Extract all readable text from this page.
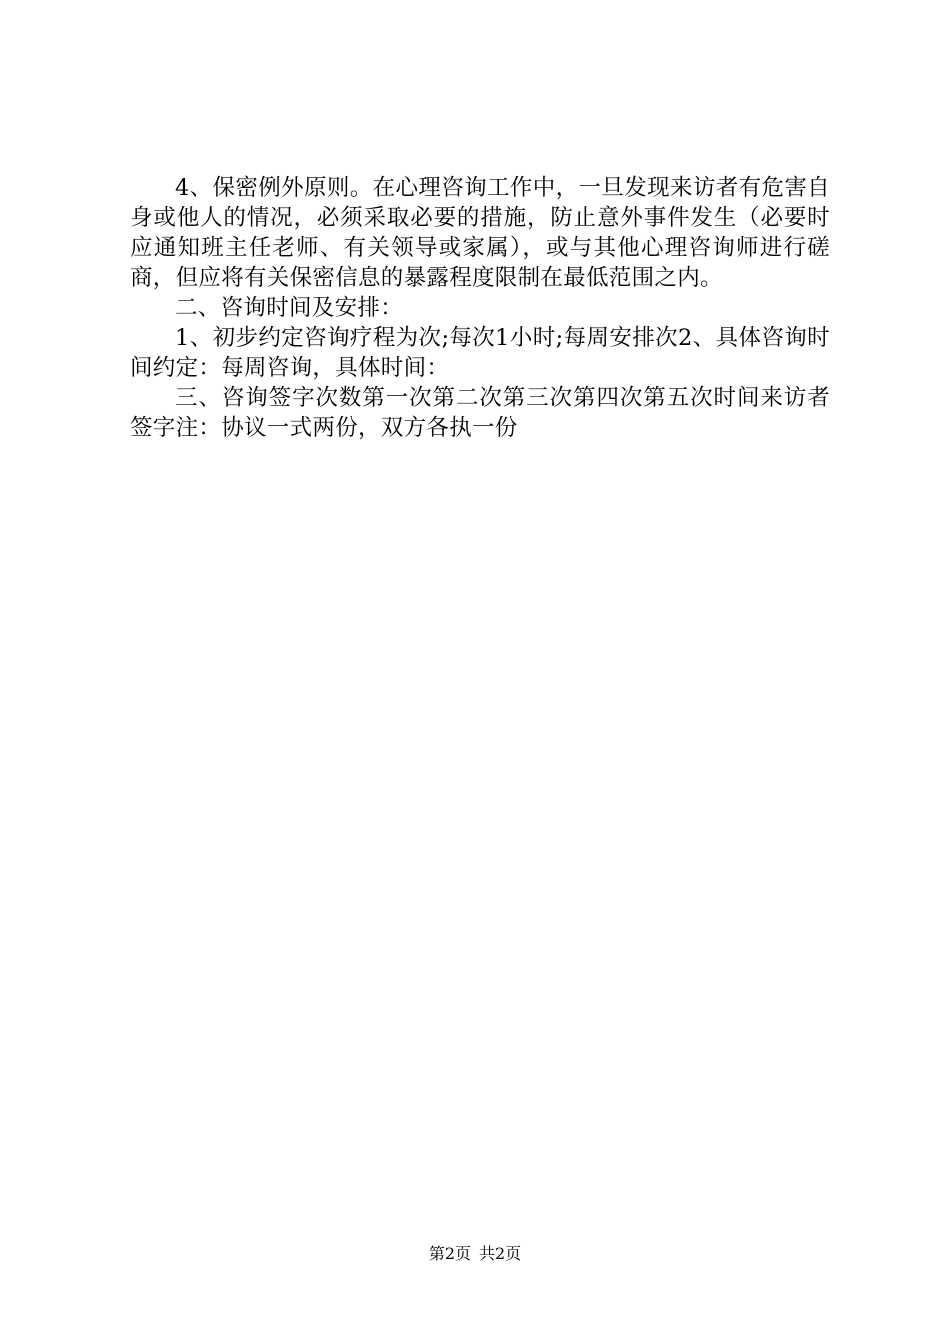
4、保密例外原则。在心理咨询工作中，一旦发现来访者有危害自身或他人的情况，必须采取必要的措施，防止意外事件发生（必要时应通知班主任老师、有关领导或家属），或与其他心理咨询师进行磋商，但应将有关保密信息的暴露程度限制在最低范围之内。

二、咨询时间及安排：

1、初步约定咨询疗程为次;每次1小时;每周安排次2、具体咨询时间约定：每周咨询，具体时间：

三、咨询签字次数第一次第二次第三次第四次第五次时间来访者签字注：协议一式两份，双方各执一份

第2页 共2页
